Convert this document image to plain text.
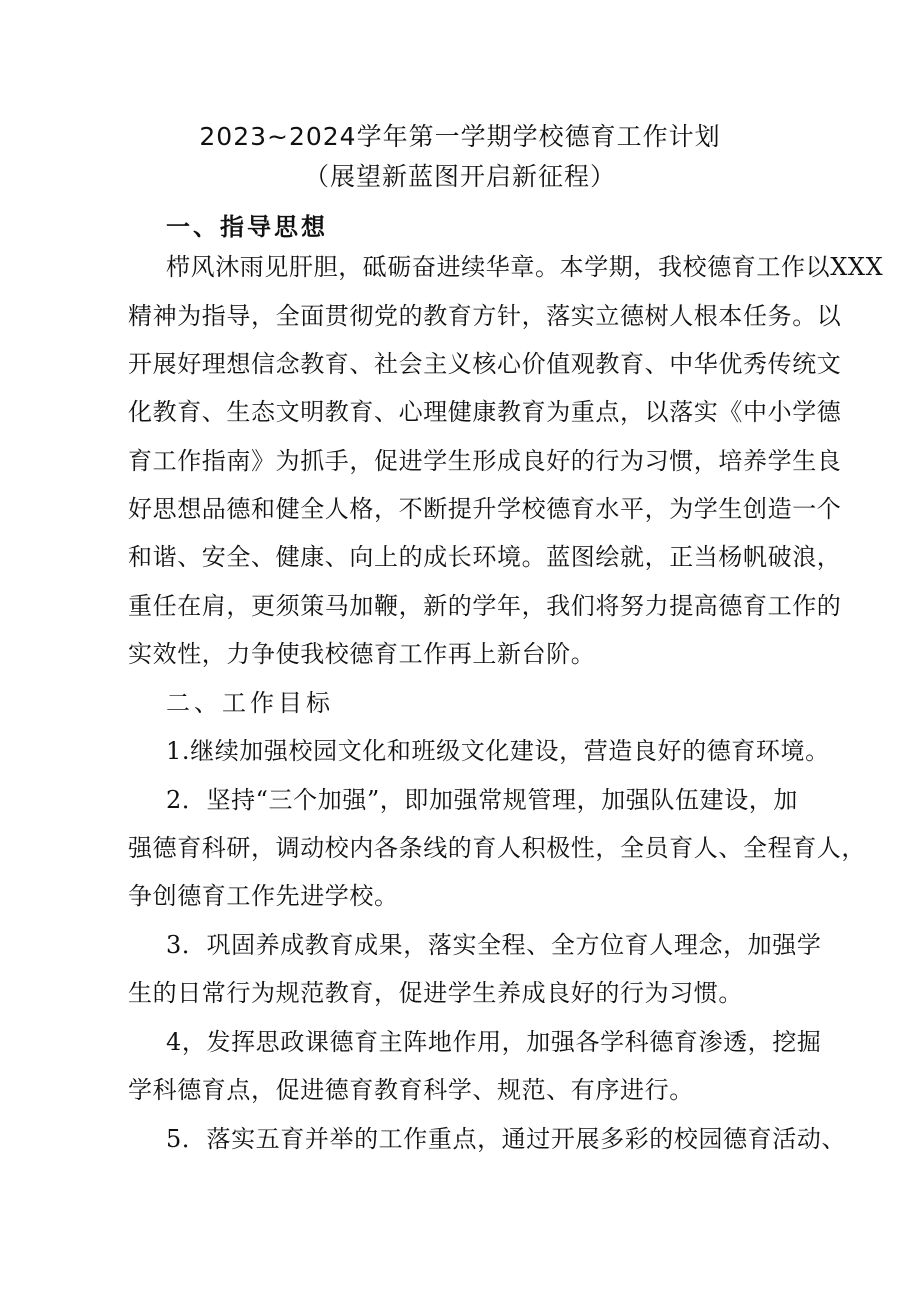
2023~2024学年第一学期学校德育工作计划
（展望新蓝图开启新征程）
一、指导思想
栉风沐雨见肝胆，砥砺奋进续华章。本学期，我校德育工作以XXX
精神为指导，全面贯彻党的教育方针，落实立德树人根本任务。以
开展好理想信念教育、社会主义核心价值观教育、中华优秀传统文
化教育、生态文明教育、心理健康教育为重点，以落实《中小学德
育工作指南》为抓手，促进学生形成良好的行为习惯，培养学生良
好思想品德和健全人格，不断提升学校德育水平，为学生创造一个
和谐、安全、健康、向上的成长环境。蓝图绘就，正当杨帆破浪，
重任在肩，更须策马加鞭，新的学年，我们将努力提高德育工作的
实效性，力争使我校德育工作再上新台阶。
二、工作目标
1.继续加强校园文化和班级文化建设，营造良好的德育环境。
2．坚持“三个加强”，即加强常规管理，加强队伍建设，加
强德育科研，调动校内各条线的育人积极性，全员育人、全程育人，
争创德育工作先进学校。
3．巩固养成教育成果，落实全程、全方位育人理念，加强学
生的日常行为规范教育，促进学生养成良好的行为习惯。
4，发挥思政课德育主阵地作用，加强各学科德育渗透，挖掘
学科德育点，促进德育教育科学、规范、有序进行。
5．落实五育并举的工作重点，通过开展多彩的校园德育活动、
